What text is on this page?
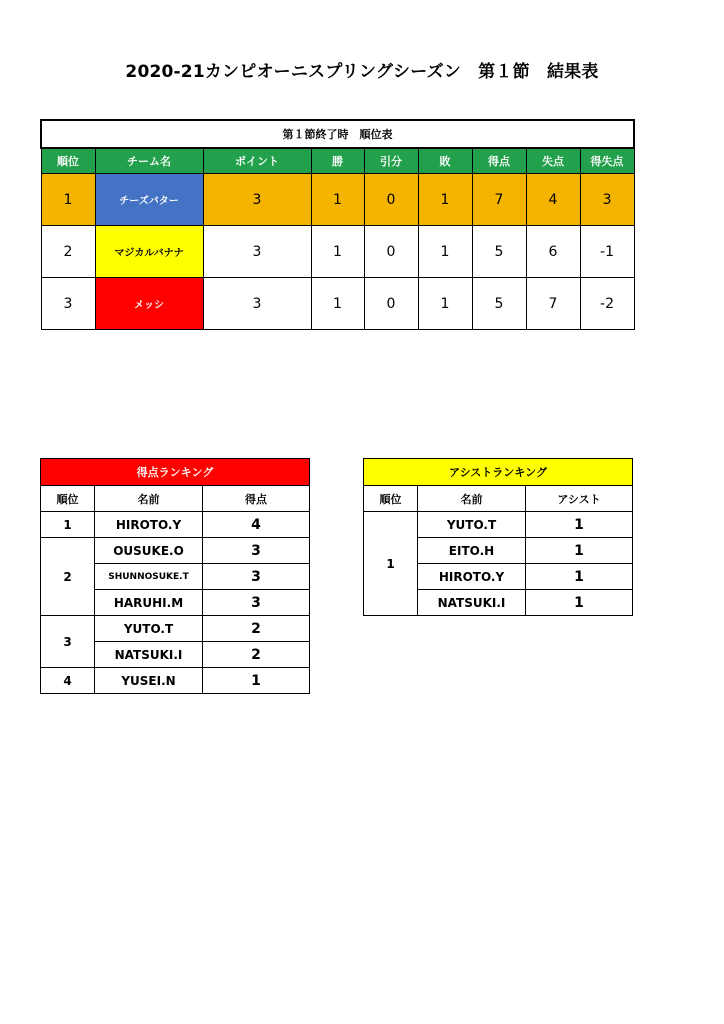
2020-21カンピオーニスプリングシーズン　第１節　結果表
第１節終了時　順位表								
順位	チーム名	ポイント	勝	引分	敗	得点	失点	得失点
1	チーズバター	3	1	0	1	7	4	3
2	マジカルバナナ	3	1	0	1	5	6	-1
3	メッシ	3	1	0	1	5	7	-2
得点ランキング		
順位	名前	得点
1	HIROTO.Y	4
2	OUSUKE.O	3
	SHUNNOSUKE.T	3
	HARUHI.M	3
3	YUTO.T	2
	NATSUKI.I	2
4	YUSEI.N	1
アシストランキング		
順位	名前	アシスト
1	YUTO.T	1
	EITO.H	1
	HIROTO.Y	1
	NATSUKI.I	1
